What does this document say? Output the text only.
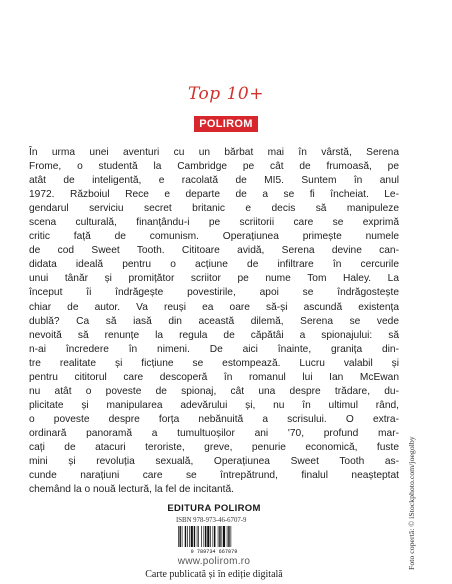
Top 10+
POLIROM

În urma unei aventuri cu un bărbat mai în vârstă, Serena
Frome, o studentă la Cambridge pe cât de frumoasă, pe
atât de inteligentă, e racolată de MI5. Suntem în anul
1972. Războiul Rece e departe de a se fi încheiat. Le-
gendarul serviciu secret britanic e decis să manipuleze
scena culturală, finanțându-i pe scriitorii care se exprimă
critic față de comunism. Operațiunea primește numele
de cod Sweet Tooth. Cititoare avidă, Serena devine can-
didata ideală pentru o acțiune de infiltrare în cercurile
unui tânăr și promițător scriitor pe nume Tom Haley. La
început îi îndrăgește povestirile, apoi se îndrăgostește
chiar de autor. Va reuși ea oare să-și ascundă existența
dublă? Ca să iasă din această dilemă, Serena se vede
nevoită să renunțe la regula de căpătâi a spionajului: să
n-ai încredere în nimeni. De aici înainte, granița din-
tre realitate și ficțiune se estompează. Lucru valabil și
pentru cititorul care descoperă în romanul lui Ian McEwan
nu atât o poveste de spionaj, cât una despre trădare, du-
plicitate și manipularea adevărului și, nu în ultimul rând,
o poveste despre forța nebănuită a scrisului. O extra-
ordinară panoramă a tumultuoșilor ani '70, profund mar-
cați de atacuri teroriste, greve, penurie economică, fuste
mini și revoluția sexuală, Operațiunea Sweet Tooth as-
cunde narațiuni care se întrepătrund, finalul neașteptat
chemând la o nouă lectură, la fel de incitantă.

EDITURA POLIROM
ISBN 978-973-46-6707-9
9 789734 667079
www.polirom.ro
Carte publicată și în ediție digitală
Foto copertă: © iStockphoto.com/joegolby
